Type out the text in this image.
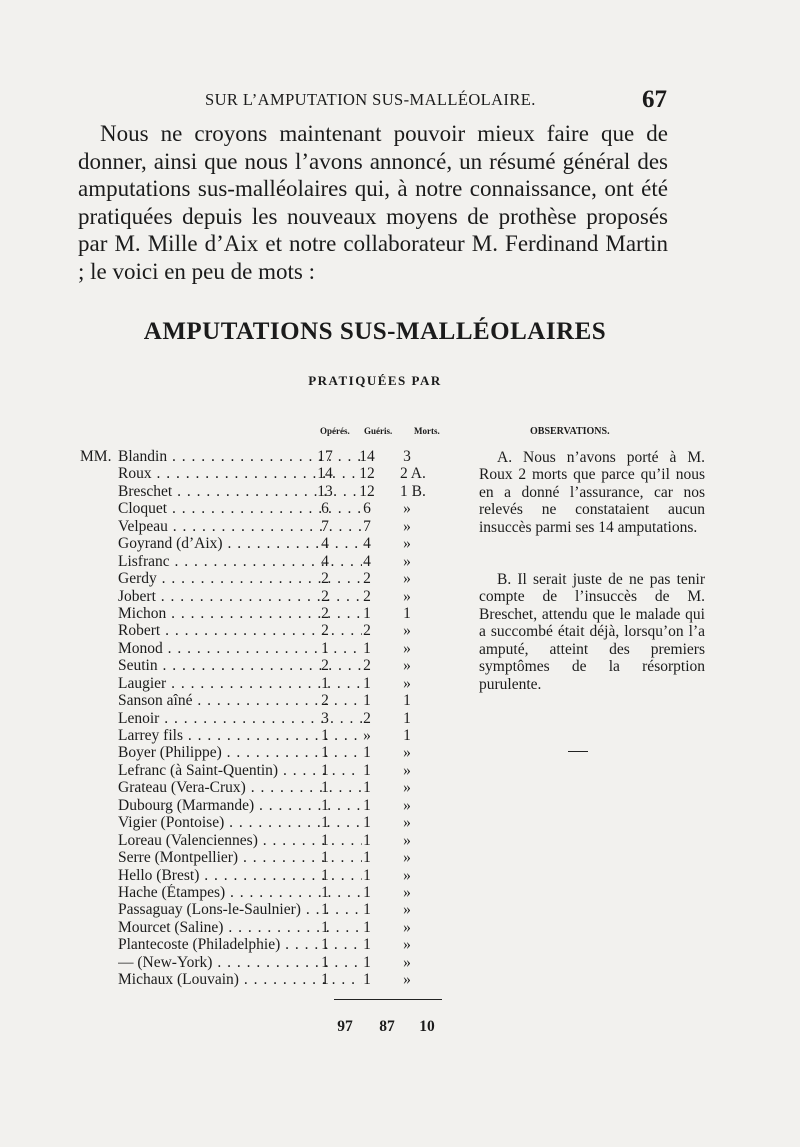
SUR L’AMPUTATION SUS-MALLÉOLAIRE.	67

Nous ne croyons maintenant pouvoir mieux faire que de donner, ainsi que nous l’avons annoncé, un résumé général des amputations sus-malléolaires qui, à notre connaissance, ont été pratiquées depuis les nouveaux moyens de prothèse proposés par M. Mille d’Aix et notre collaborateur M. Ferdinand Martin ; le voici en peu de mots :

AMPUTATIONS SUS-MALLÉOLAIRES
PRATIQUÉES PAR
Opérés. Guéris. Morts.	OBSERVATIONS.
MM. Blandin . . .	17	14	3
Roux . . .	14	12	2 A.
Breschet . . .	13	12	1 B.
Cloquet . . .	6	6	»
Velpeau . . .	7	7	»
Goyrand (d’Aix) . . .	4	4	»
Lisfranc . . .	4	4	»
Gerdy . . .	2	2	»
Jobert . . .	2	2	»
Michon . . .	2	1	1
Robert . . .	2	2	»
Monod . . .	1	1	»
Seutin . . .	2	2	»
Laugier . . .	1	1	»
Sanson aîné . . .	2	1	1
Lenoir . . .	3	2	1
Larrey fils . . .	1	»	1
Boyer (Philippe) . . .	1	1	»
Lefranc (à Saint-Quentin) . . .	1	1	»
Grateau (Vera-Crux) . . .	1	1	»
Dubourg (Marmande) . . .	1	1	»
Vigier (Pontoise) . . .	1	1	»
Loreau (Valenciennes) . . .	1	1	»
Serre (Montpellier) . . .	1	1	»
Hello (Brest) . . .	1	1	»
Hache (Étampes) . . .	1	1	»
Passaguay (Lons-le-Saulnier) . . .	1	1	»
Mourcet (Saline) . . .	1	1	»
Plantecoste (Philadelphie) . . .	1	1	»
— (New-York) . . .	1	1	»
Michaux (Louvain) . . .	1	1	»

A. Nous n’avons porté à M. Roux 2 morts que parce qu’il nous en a donné l’assurance, car nos relevés ne constataient aucun insuccès parmi ses 14 amputations.

B. Il serait juste de ne pas tenir compte de l’insuccès de M. Breschet, attendu que le malade qui a succombé était déjà, lorsqu’on l’a amputé, atteint des premiers symptômes de la résorption purulente.

97	87	10
